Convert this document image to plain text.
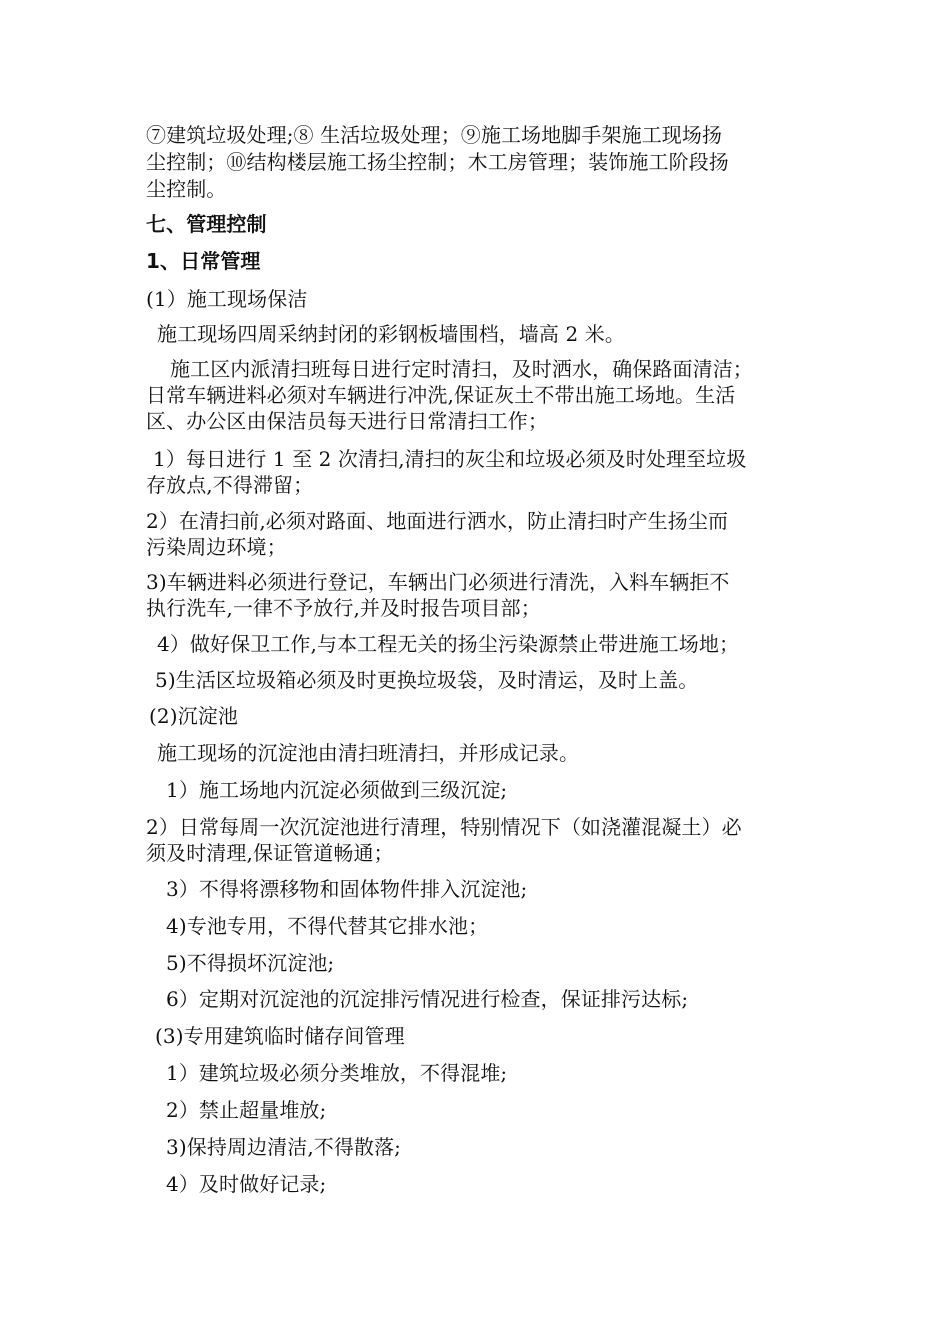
⑦建筑垃圾处理;⑧ 生活垃圾处理；⑨施工场地脚手架施工现场扬

尘控制；⑩结构楼层施工扬尘控制；木工房管理；装饰施工阶段扬

尘控制。

七、管理控制

1、日常管理

(1）施工现场保洁

施工现场四周采纳封闭的彩钢板墙围档，墙高 2 米。

施工区内派清扫班每日进行定时清扫，及时洒水，确保路面清洁；

日常车辆进料必须对车辆进行冲洗,保证灰土不带出施工场地。生活

区、办公区由保洁员每天进行日常清扫工作；

1）每日进行 1 至 2 次清扫,清扫的灰尘和垃圾必须及时处理至垃圾

存放点,不得滞留；

2）在清扫前,必须对路面、地面进行洒水，防止清扫时产生扬尘而

污染周边环境；

3)车辆进料必须进行登记，车辆出门必须进行清洗，入料车辆拒不

执行洗车,一律不予放行,并及时报告项目部；

4）做好保卫工作,与本工程无关的扬尘污染源禁止带进施工场地；

5)生活区垃圾箱必须及时更换垃圾袋，及时清运，及时上盖。

(2)沉淀池

施工现场的沉淀池由清扫班清扫，并形成记录。

1）施工场地内沉淀必须做到三级沉淀;

2）日常每周一次沉淀池进行清理，特别情况下（如浇灌混凝土）必

须及时清理,保证管道畅通；

3）不得将漂移物和固体物件排入沉淀池;

4)专池专用，不得代替其它排水池；

5)不得损坏沉淀池;

6）定期对沉淀池的沉淀排污情况进行检查，保证排污达标;

(3)专用建筑临时储存间管理

1）建筑垃圾必须分类堆放，不得混堆;

2）禁止超量堆放;

3)保持周边清洁,不得散落;

4）及时做好记录;
